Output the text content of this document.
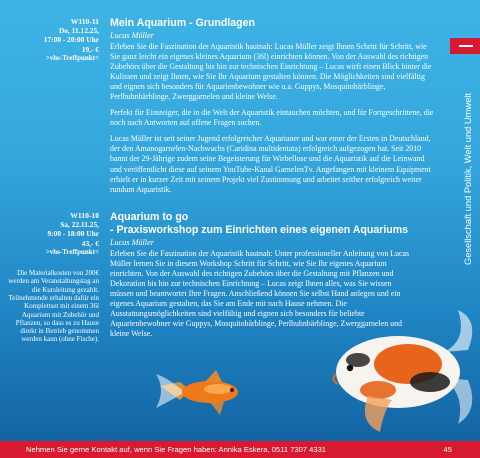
W110-11
Do, 11.12.25,
17:00 - 20:00 Uhr
19,- €
>vhs-Treffpunkt<
Mein Aquarium - Grundlagen
Lucas Müller

Erleben Sie die Faszination der Aquaristik hautnah: Lucas Müller zeigt Ihnen Schritt für Schritt, wie Sie ganz leicht ein eigenes kleines Aquarium (36l) einrichten können. Von der Auswahl des richtigen Zubehörs über die Gestaltung bis hin zur technischen Einrichtung – Lucas wirft einen Blick hinter die Kulissen und zeigt Ihnen, wie Sie Ihr Aquarium gestalten können. Die Möglichkeiten sind vielfältig und eignen sich besonders für Aquarienbewohner wie u.a. Guppys, Mosquitobärblinge, Perlhuhnbärblinge, Zwerggarnelen und kleine Welse.

Perfekt für Einsteiger, die in die Welt der Aquaristik eintauchen möchten, und für Fortgeschrittene, die noch nach Antworten auf offene Fragen suchen.

Lucas Müller ist seit seiner Jugend erfolgreicher Aquarianer und war einer der Ersten in Deutschland, der den Amanogarnelen-Nachwuchs (Caridina multidentata) erfolgreich aufgezogen hat. Seit 2010 bannt der 29-Jährige zudem seine Begeisterung für Wirbellose und die Aquaristik auf die Leinwand und veröffentlicht diese auf seinem YouTube-Kanal GarnelenTv. Angefangen mit kleinem Equipment erhielt er in kurzer Zeit mit seinem Projekt viel Zustimmung und arbeitet seither erfolgreich weiter rundum Aquaristik.

W110-10
Sa, 22.11.25,
9:00 - 18:00 Uhr
43,- €
>vhs-Treffpunkt<
Die Materialkosten von 200€ werden am Veranstaltungstag an die Kursleitung gezahlt. Teilnehmende erhalten dafür ein Komplettset mit einem 36l Aquarium mit Zubehör und Pflanzen, so dass es zu Hause direkt in Betrieb genommen werden kann (ohne Fische).
Aquarium to go
- Praxisworkshop zum Einrichten eines eigenen Aquariums
Lucas Müller

Erleben Sie die Faszination der Aquaristik hautnah: Unter professioneller Anleitung von Lucas Müller lernen Sie in diesem Workshop Schritt für Schritt, wie Sie Ihr eigenes Aquarium einrichten. Von der Auswahl des richtigen Zubehörs über die Gestaltung mit Pflanzen und Dekoration bis hin zur technischen Einrichtung – Lucas zeigt Ihnen alles, was Sie wissen müssen und beantwortet Ihre Fragen. Anschließend können Sie selbst Hand anlegen und ein eigenes Aquarium gestalten, das Sie am Ende mit nach Hause nehmen. Die Ausstattungsmöglichkeiten sind vielfältig und eignen sich besonders für beliebte Aquarienbewohner wie Guppys, Mosquitobärblinge, Perlhuhnbärblinge, Zwerggarnelen und kleine Welse.

Gesellschaft und Politik, Welt und Umwelt
Nehmen Sie gerne Kontakt auf, wenn Sie Fragen haben: Annika Eskera, 0511 7307 4331	45
